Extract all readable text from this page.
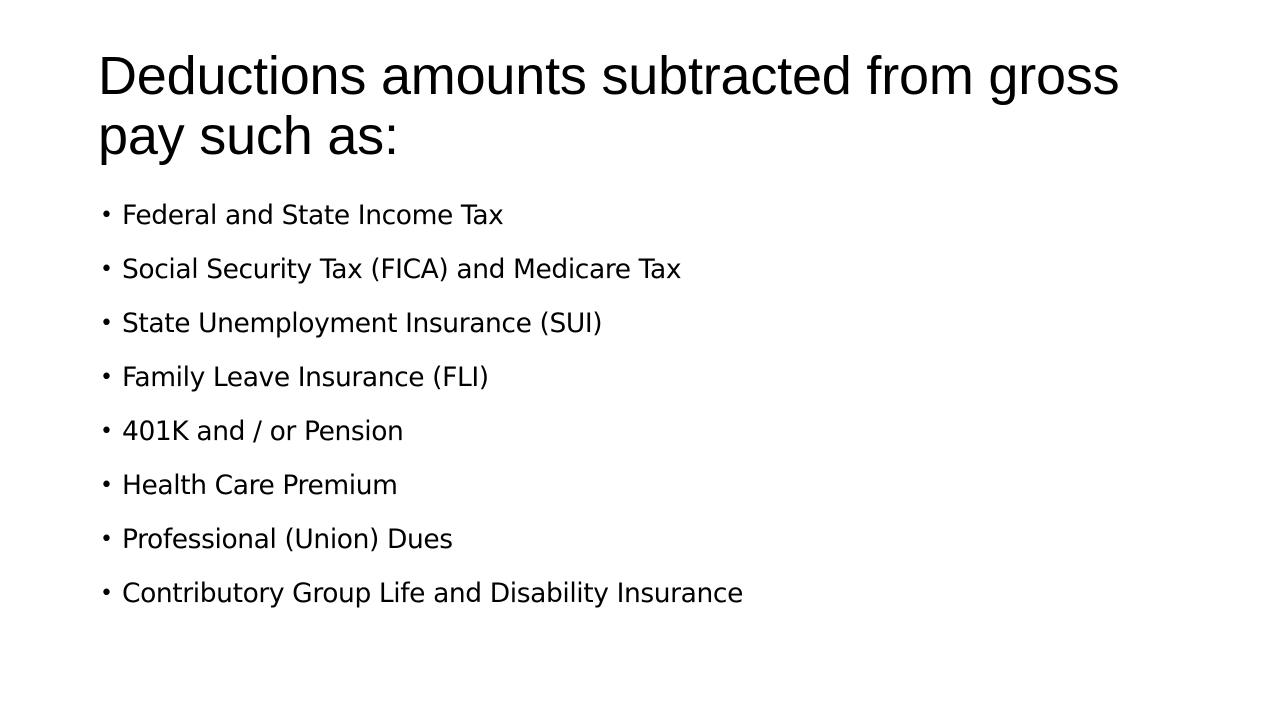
Deductions amounts subtracted from gross pay such as:
• Federal and State Income Tax
• Social Security Tax (FICA) and Medicare Tax
• State Unemployment Insurance (SUI)
• Family Leave Insurance (FLI)
• 401K and / or Pension
• Health Care Premium
• Professional (Union) Dues
• Contributory Group Life and Disability Insurance
